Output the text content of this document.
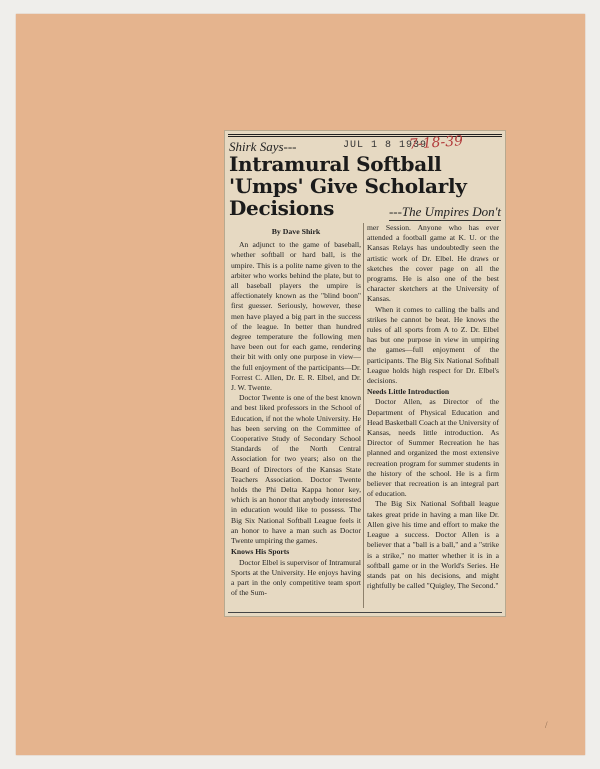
Shirk Says---	JUL 1 8 1939
7-18-39
Intramural Softball 'Umps' Give Scholarly Decisions	---The Umpires Don't
By Dave Shirk

An adjunct to the game of baseball, whether softball or hard ball, is the umpire. This is a polite name given to the arbiter who works behind the plate, but to all baseball players the umpire is affectionately known as the "blind boon" first guesser. Seriously, however, these men have played a big part in the success of the league. In better than hundred degree temperature the following men have been out for each game, rendering their bit with only one purpose in view—the full enjoyment of the participants—Dr. Forrest C. Allen, Dr. E. R. Elbel, and Dr. J. W. Twente.

Doctor Twente is one of the best known and best liked professors in the School of Education, if not the whole University. He has been serving on the Committee of Cooperative Study of Secondary School Standards of the North Central Association for two years; also on the Board of Directors of the Kansas State Teachers Association. Doctor Twente holds the Phi Delta Kappa honor key, which is an honor that anybody interested in education would like to possess. The Big Six National Softball League feels it an honor to have a man such as Doctor Twente umpiring the games.

Knows His Sports

Doctor Elbel is supervisor of Intramural Sports at the University. He enjoys having a part in the only competitive team sport of the Sum-

mer Session. Anyone who has ever attended a football game at K. U. or the Kansas Relays has undoubtedly seen the artistic work of Dr. Elbel. He draws or sketches the cover page on all the programs. He is also one of the best character sketchers at the University of Kansas.

When it comes to calling the balls and strikes he cannot be beat. He knows the rules of all sports from A to Z. Dr. Elbel has but one purpose in view in umpiring the games—full enjoyment of the participants. The Big Six National Softball League holds high respect for Dr. Elbel's decisions.

Needs Little Introduction

Doctor Allen, as Director of the Department of Physical Education and Head Basketball Coach at the University of Kansas, needs little introduction. As Director of Summer Recreation he has planned and organized the most extensive recreation program for summer students in the history of the school. He is a firm believer that recreation is an integral part of education.

The Big Six National Softball league takes great pride in having a man like Dr. Allen give his time and effort to make the League a success. Doctor Allen is a believer that a "ball is a ball," and a "strike is a strike," no matter whether it is in a softball game or in the World's Series. He stands pat on his decisions, and might rightfully be called "Quigley, The Second."

/
